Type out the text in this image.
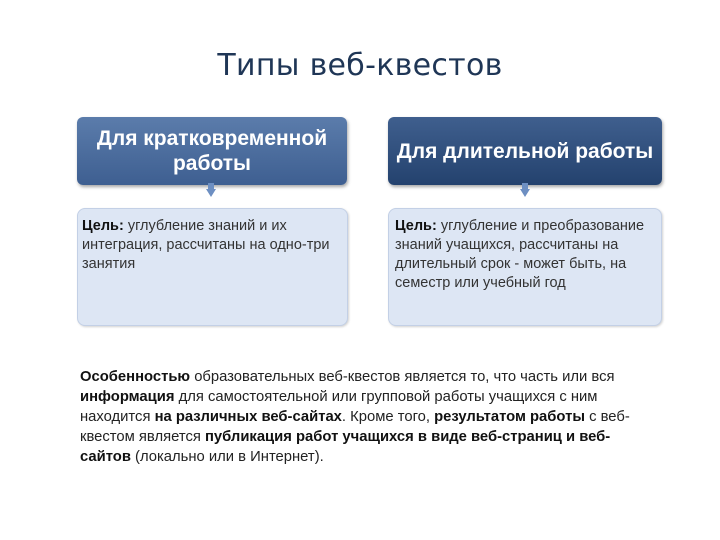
Типы веб-квестов
Для кратковременной работы
Для длительной работы
Цель: углубление знаний и их интеграция, рассчитаны на одно-три занятия
Цель: углубление и преобразование знаний учащихся, рассчитаны на длительный срок - может быть, на семестр или учебный год
Особенностью образовательных веб-квестов является то, что часть или вся информация для самостоятельной или групповой работы учащихся с ним находится на различных веб-сайтах. Кроме того, результатом работы с веб-квестом является публикация работ учащихся в виде веб-страниц и веб-сайтов (локально или в Интернет).
